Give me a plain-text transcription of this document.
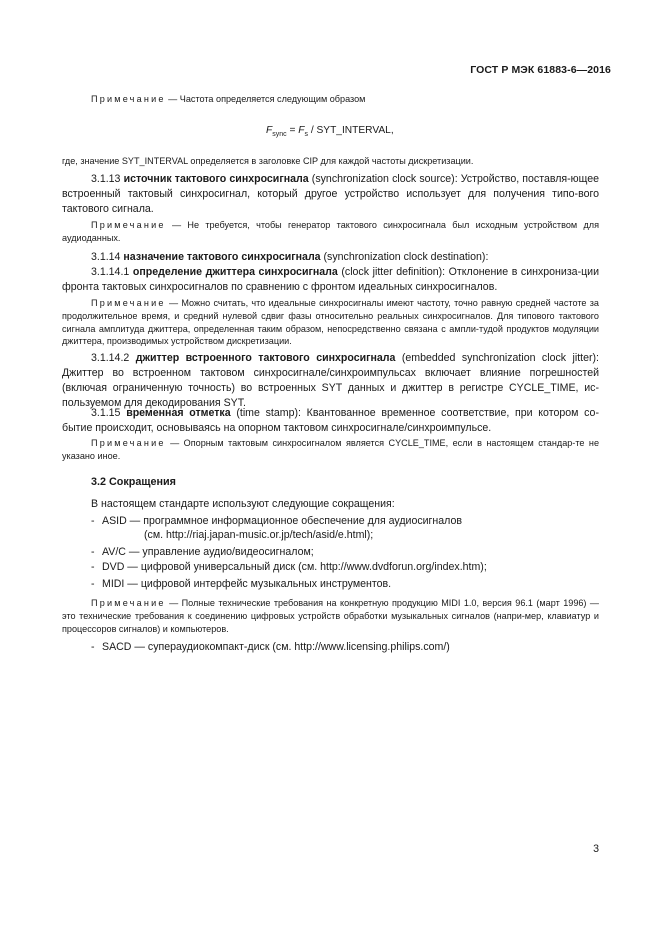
ГОСТ Р МЭК 61883-6—2016

Примечание — Частота определяется следующим образом

$F_{sync} = F_s$ / SYT_INTERVAL,

где, значение SYT_INTERVAL определяется в заголовке CIP для каждой частоты дискретизации.

3.1.13 источник тактового синхросигнала (synchronization clock source): Устройство, поставля-ющее встроенный тактовый синхросигнал, который другое устройство использует для получения типо-вого тактового сигнала.

Примечание — Не требуется, чтобы генератор тактового синхросигнала был исходным устройством для аудиоданных.

3.1.14 назначение тактового синхросигнала (synchronization clock destination):

3.1.14.1 определение джиттера синхросигнала (clock jitter definition): Отклонение в синхрониза-ции фронта тактовых синхросигналов по сравнению с фронтом идеальных синхросигналов.

Примечание — Можно считать, что идеальные синхросигналы имеют частоту, точно равную средней частоте за продолжительное время, и средний нулевой сдвиг фазы относительно реальных синхросигналов. Для типового тактового сигнала амплитуда джиттера, определенная таким образом, непосредственно связана с ампли-тудой продуктов модуляции джиттера, производимых устройством дискретизации.

3.1.14.2 джиттер встроенного тактового синхросигнала (embedded synchronization clock jitter): Джиттер во встроенном тактовом синхросигнале/синхроимпульсах включает влияние погрешностей (включая ограниченную точность) во встроенных SYT данных и джиттер в регистре CYCLE_TIME, ис-пользуемом для декодирования SYT.

3.1.15 временная отметка (time stamp): Квантованное временное соответствие, при котором со-бытие происходит, основываясь на опорном тактовом синхросигнале/синхроимпульсе.

Примечание — Опорным тактовым синхросигналом является CYCLE_TIME, если в настоящем стандар-те не указано иное.

3.2 Сокращения

В настоящем стандарте используют следующие сокращения:

- ASID — программное информационное обеспечение для аудиосигналов

(см. http://riaj.japan-music.or.jp/tech/asid/e.html);

- AV/C — управление аудио/видеосигналом;

- DVD — цифровой универсальный диск (см. http://www.dvdforun.org/index.htm);

- MIDI — цифровой интерфейс музыкальных инструментов.

Примечание — Полные технические требования на конкретную продукцию MIDI 1.0, версия 96.1 (март 1996) — это технические требования к соединению цифровых устройств обработки музыкальных сигналов (напри-мер, клавиатур и процессоров сигналов) и компьютеров.

- SACD — супераудиокомпакт-диск (см. http://www.licensing.philips.com/)

3
